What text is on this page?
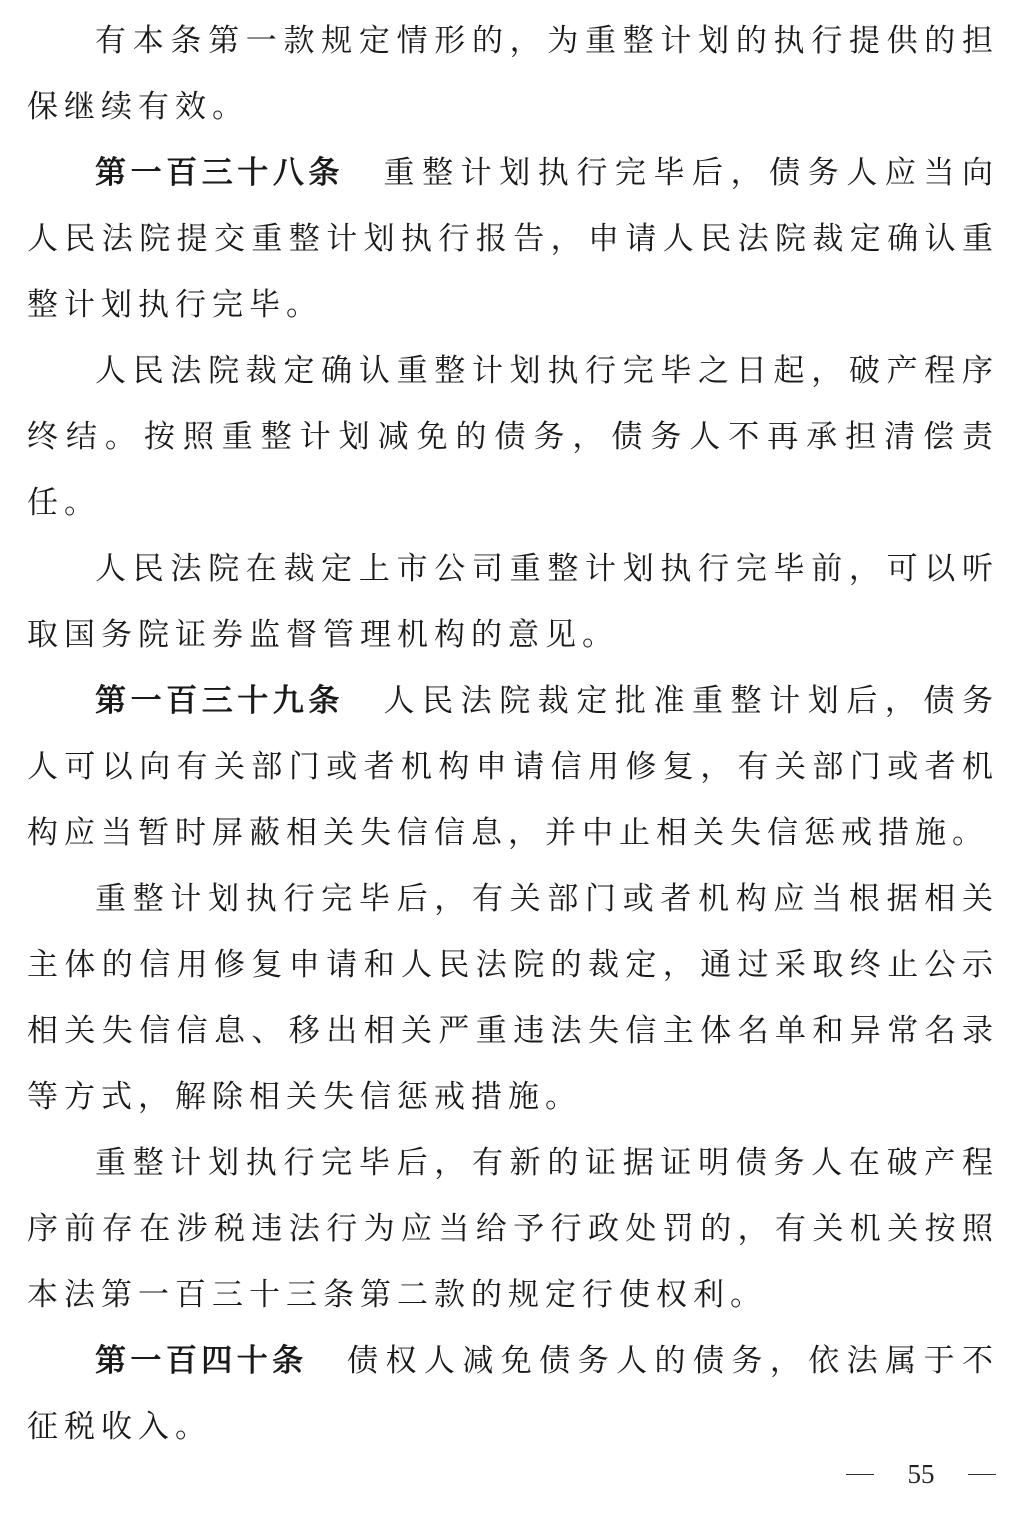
有本条第一款规定情形的，为重整计划的执行提供的担保继续有效。

第一百三十八条 重整计划执行完毕后，债务人应当向人民法院提交重整计划执行报告，申请人民法院裁定确认重整计划执行完毕。

人民法院裁定确认重整计划执行完毕之日起，破产程序终结。按照重整计划减免的债务，债务人不再承担清偿责任。

人民法院在裁定上市公司重整计划执行完毕前，可以听取国务院证券监督管理机构的意见。

第一百三十九条 人民法院裁定批准重整计划后，债务人可以向有关部门或者机构申请信用修复，有关部门或者机构应当暂时屏蔽相关失信信息，并中止相关失信惩戒措施。

重整计划执行完毕后，有关部门或者机构应当根据相关主体的信用修复申请和人民法院的裁定，通过采取终止公示相关失信信息、移出相关严重违法失信主体名单和异常名录等方式，解除相关失信惩戒措施。

重整计划执行完毕后，有新的证据证明债务人在破产程序前存在涉税违法行为应当给予行政处罚的，有关机关按照本法第一百三十三条第二款的规定行使权利。

第一百四十条 债权人减免债务人的债务，依法属于不征税收入。

55
